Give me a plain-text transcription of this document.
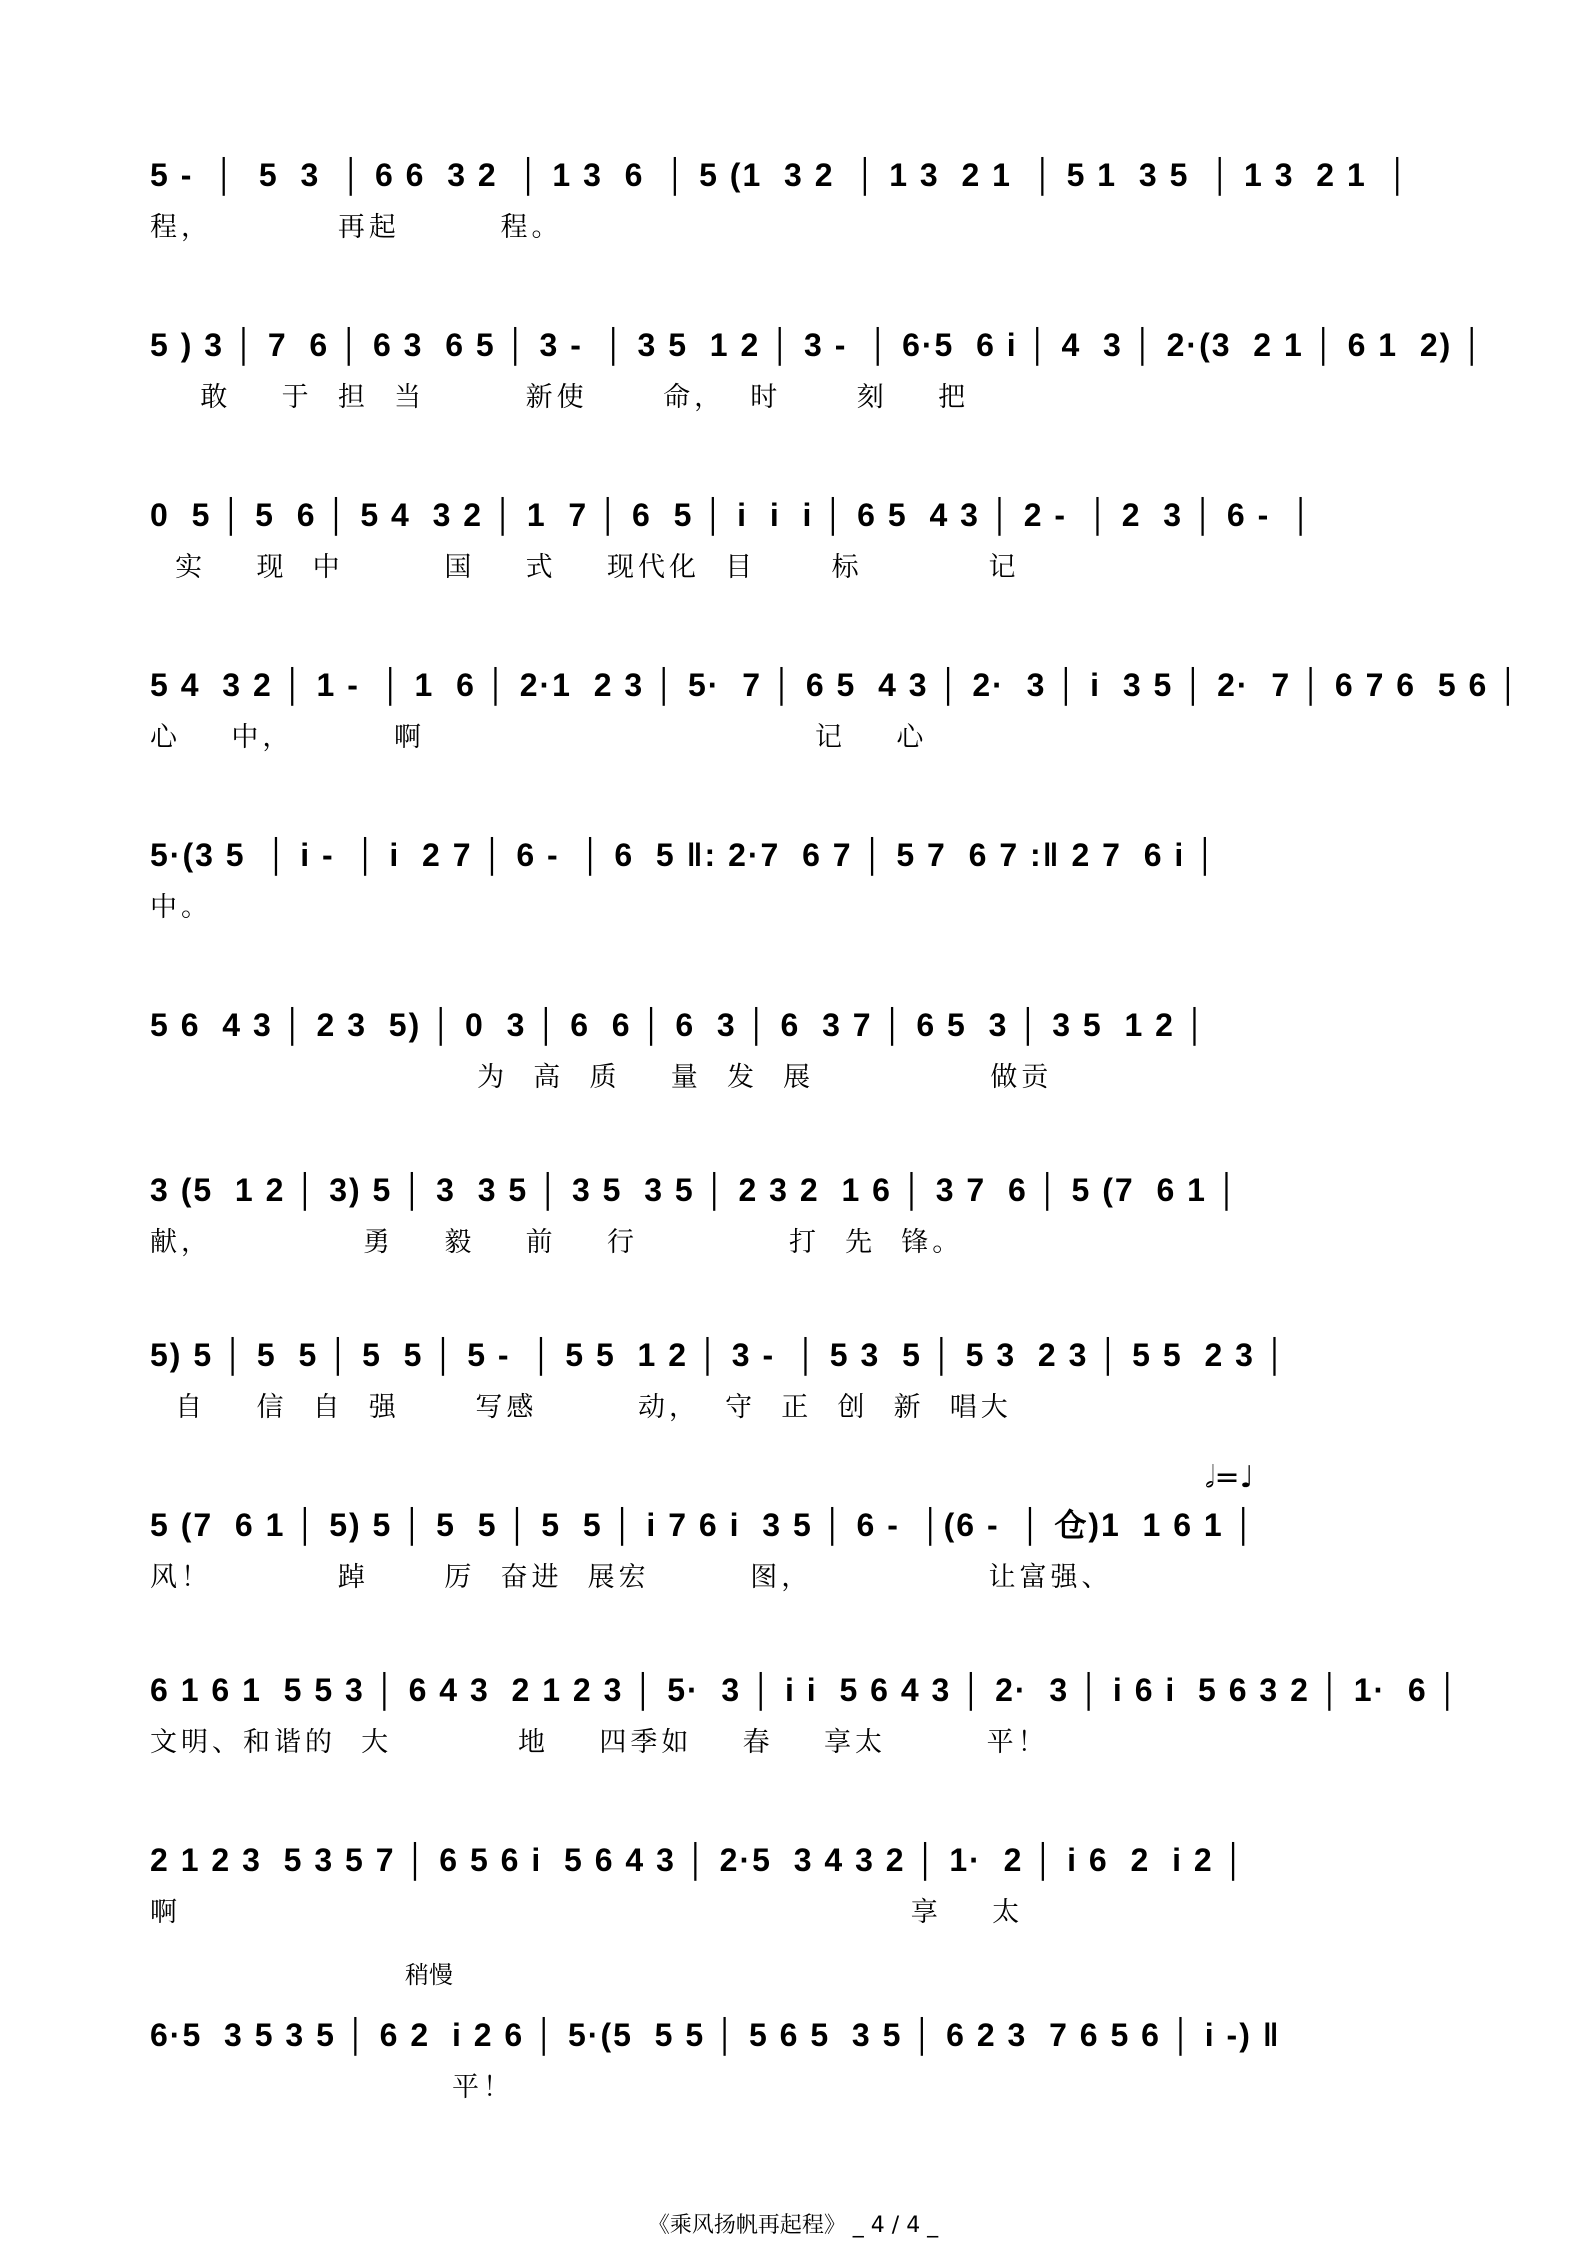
5 -  │  5  3  │ 6 6  3 2  │ 1 3  6  │ 5 (1  3 2  │ 1 3  2 1  │ 5 1  3 5  │ 1 3  2 1  │
程，          再起        程。
5 ) 3 │ 7  6 │ 6 3  6 5 │ 3 -  │ 3 5  1 2 │ 3 -  │ 6·5  6 i │ 4  3 │ 2·(3  2 1 │ 6 1  2) │
敢    于  担  当        新使      命，  时      刻    把
0  5 │ 5  6 │ 5 4  3 2 │ 1  7 │ 6  5 │ i  i  i │ 6 5  4 3 │ 2 -  │ 2  3 │ 6 -  │
实    现  中        国    式    现代化  目      标          记
5 4  3 2 │ 1 -  │ 1  6 │ 2·1  2 3 │ 5·  7 │ 6 5  4 3 │ 2·  3 │ i  3 5 │ 2·  7 │ 6 7 6  5 6 │
心    中，        啊                               记    心
5·(3 5  │ i -  │ i  2 7 │ 6 -  │ 6  5 ‖: 2·7  6 7 │ 5 7  6 7 :‖ 2 7  6 i │
中。
5 6  4 3 │ 2 3  5) │ 0  3 │ 6  6 │ 6  3 │ 6  3 7 │ 6 5  3 │ 3 5  1 2 │
为  高  质    量  发  展              做贡
3 (5  1 2 │ 3) 5 │ 3  3 5 │ 3 5  3 5 │ 2 3 2  1 6 │ 3 7  6 │ 5 (7  6 1 │
献，            勇    毅    前    行            打  先  锋。
5) 5 │ 5  5 │ 5  5 │ 5 -  │ 5 5  1 2 │ 3 -  │ 5 3  5 │ 5 3  2 3 │ 5 5  2 3 │
自    信  自  强      写感        动，  守  正  创  新  唱大
5 (7  6 1 │ 5) 5 │ 5  5 │ 5  5 │ i 7 6 i  3 5 │ 6 -  │(6 -  │ 仓)1  1 6 1 │
风！          踔      厉  奋进  展宏        图，              让富强、
6 1 6 1  5 5 3 │ 6 4 3  2 1 2 3 │ 5·  3 │ i i  5 6 4 3 │ 2·  3 │ i 6 i  5 6 3 2 │ 1·  6 │
文明、和谐的  大          地    四季如    春    享太        平！
2 1 2 3  5 3 5 7 │ 6 5 6 i  5 6 4 3 │ 2·5  3 4 3 2 │ 1·  2 │ i 6  2  i 2 │
啊                                                          享    太
6·5  3 5 3 5 │ 6 2  i 2 6 │ 5·(5  5 5 │ 5 6 5  3 5 │ 6 2 3  7 6 5 6 │ i -) ‖
平！
𝅗𝅥=♩
稍慢
《乘风扬帆再起程》 _ 4 / 4 _
